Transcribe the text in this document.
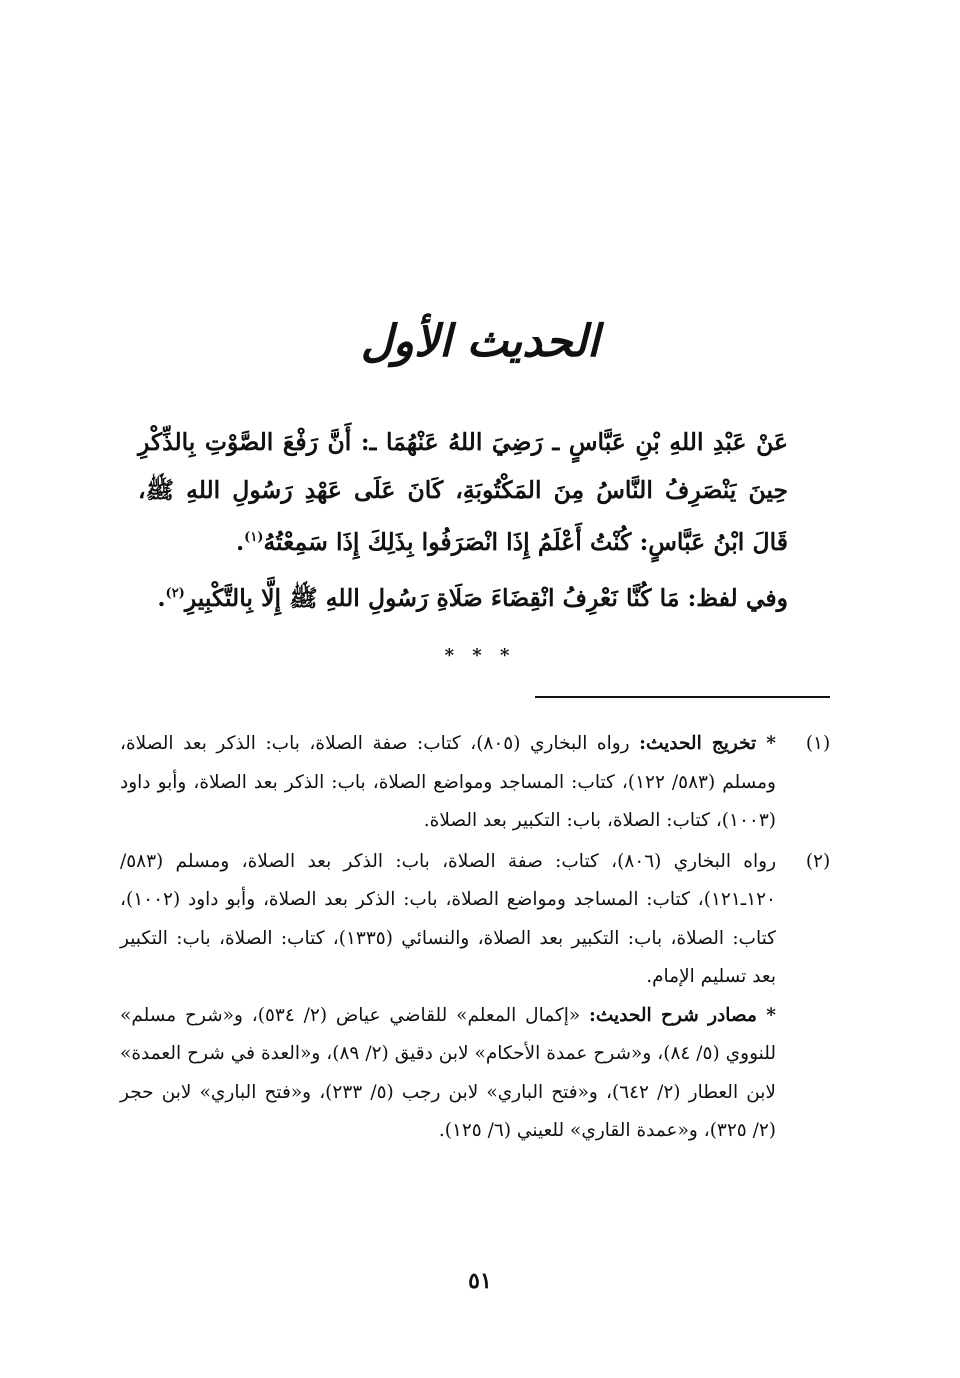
الحديث الأول

عَنْ عَبْدِ اللهِ بْنِ عَبَّاسٍ ـ رَضِيَ اللهُ عَنْهُمَا ـ: أَنَّ رَفْعَ الصَّوْتِ بِالذِّكْرِ حِينَ يَنْصَرِفُ النَّاسُ مِنَ المَكْتُوبَةِ، كَانَ عَلَى عَهْدِ رَسُولِ اللهِ ﷺ، قَالَ ابْنُ عَبَّاسٍ: كُنْتُ أَعْلَمُ إِذَا انْصَرَفُوا بِذَلِكَ إِذَا سَمِعْتُهُ$^{(١)}$.

وفي لفظ: مَا كُنَّا نَعْرِفُ انْقِضَاءَ صَلَاةِ رَسُولِ اللهِ ﷺ إِلَّا بِالتَّكْبِيرِ$^{(٢)}$.

* * *
(١)
* تخريج الحديث: رواه البخاري (٨٠٥)، كتاب: صفة الصلاة، باب: الذكر بعد الصلاة، ومسلم (٥٨٣/ ١٢٢)، كتاب: المساجد ومواضع الصلاة، باب: الذكر بعد الصلاة، وأبو داود (١٠٠٣)، كتاب: الصلاة، باب: التكبير بعد الصلاة.
(٢)

رواه البخاري (٨٠٦)، كتاب: صفة الصلاة، باب: الذكر بعد الصلاة، ومسلم (٥٨٣/ ١٢٠ـ١٢١)، كتاب: المساجد ومواضع الصلاة، باب: الذكر بعد الصلاة، وأبو داود (١٠٠٢)، كتاب: الصلاة، باب: التكبير بعد الصلاة، والنسائي (١٣٣٥)، كتاب: الصلاة، باب: التكبير بعد تسليم الإمام.

* مصادر شرح الحديث: «إكمال المعلم» للقاضي عياض (٢/ ٥٣٤)، و«شرح مسلم» للنووي (٥/ ٨٤)، و«شرح عمدة الأحكام» لابن دقيق (٢/ ٨٩)، و«العدة في شرح العمدة» لابن العطار (٢/ ٦٤٢)، و«فتح الباري» لابن رجب (٥/ ٢٣٣)، و«فتح الباري» لابن حجر (٢/ ٣٢٥)، و«عمدة القاري» للعيني (٦/ ١٢٥).

٥١
